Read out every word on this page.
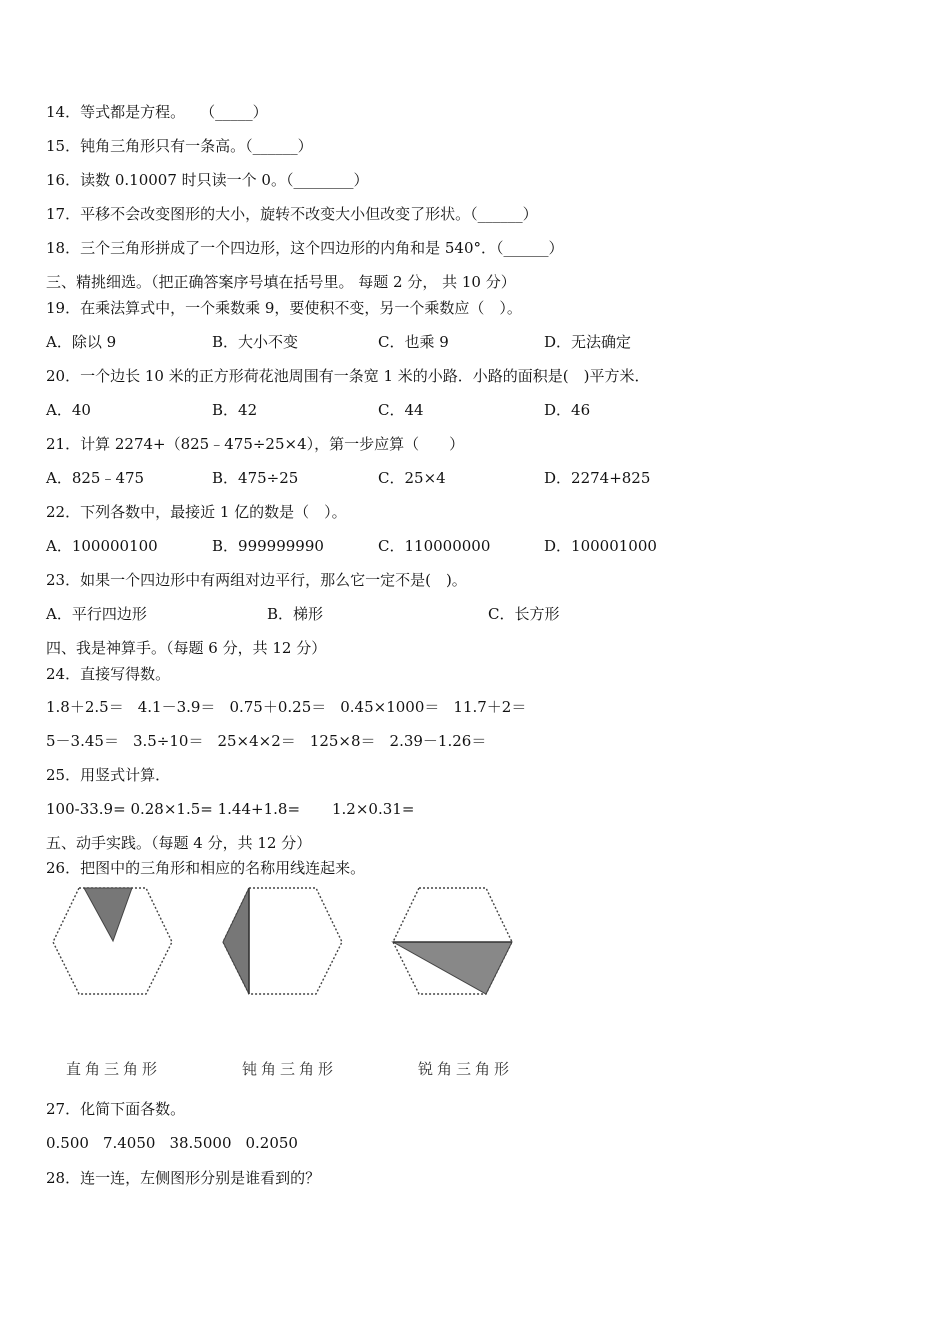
14．等式都是方程。　　（_____）
15．钝角三角形只有一条高。（______）
16．读数 0.10007 时只读一个 0。（________）
17．平移不会改变图形的大小，旋转不改变大小但改变了形状。（______）
18．三个三角形拼成了一个四边形，这个四边形的内角和是 540°．（______）
三、精挑细选。（把正确答案序号填在括号里。 每题 2 分， 共 10 分）
19．在乘法算式中，一个乘数乘 9，要使积不变，另一个乘数应（　）。
A．除以 9	B．大小不变	C．也乘 9	D．无法确定
20．一个边长 10 米的正方形荷花池周围有一条宽 1 米的小路．小路的面积是(　)平方米．
A．40	B．42	C．44	D．46
21．计算 2274+（825﹣475÷25×4），第一步应算（　　）
A．825﹣475	B．475÷25	C．25×4	D．2274+825
22．下列各数中，最接近 1 亿的数是（　）。
A．100000100	B．999999990	C．110000000	D．100001000
23．如果一个四边形中有两组对边平行，那么它一定不是(　)。
A．平行四边形	B．梯形	C．长方形
四、我是神算手。（每题 6 分，共 12 分）
24．直接写得数。
1.8＋2.5＝ 4.1－3.9＝ 0.75＋0.25＝ 0.45×1000＝ 11.7＋2＝
5－3.45＝ 3.5÷10＝ 25×4×2＝ 125×8＝ 2.39－1.26＝
25．用竖式计算．
100-33.9= 0.28×1.5= 1.44+1.8= 1.2×0.31=
五、动手实践。（每题 4 分，共 12 分）
26．把图中的三角形和相应的名称用线连起来。
直角三角形	钝角三角形	锐角三角形
27．化简下面各数。
0.500 7.4050 38.5000 0.2050
28．连一连，左侧图形分别是谁看到的？
